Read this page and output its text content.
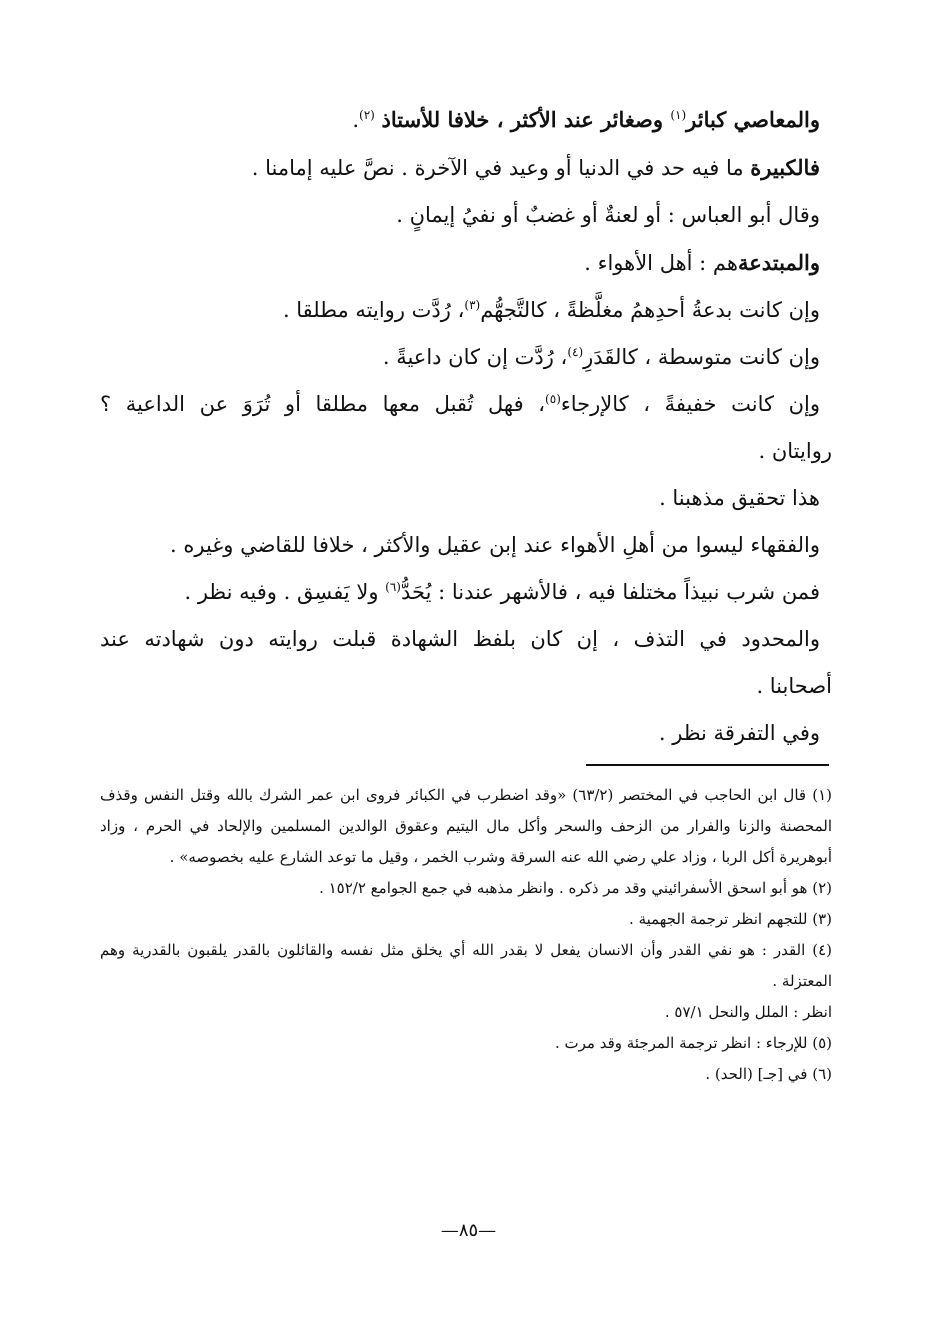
والمعاصي كبائر$^{(١)}$ وصغائر عند الأكثر ، خلافا للأستاذ $^{(٢)}$.

فالكبيرة ما فيه حد في الدنيا أو وعيد في الآخرة . نصَّ عليه إمامنا .

وقال أبو العباس : أو لعنةٌ أو غضبٌ أو نفيُ إيمانٍ .

والمبتدعةهم : أهل الأهواء .

وإن كانت بدعةُ أحدِهمُ مغلَّظةً ، كالتَّجهُّم$^{(٣)}$، رُدَّت روايته مطلقا .

وإن كانت متوسطة ، كالقَدَرِ$^{(٤)}$، رُدَّت إن كان داعيةً .

وإن كانت خفيفةً ، كالإرجاء$^{(٥)}$، فهل تُقبل معها مطلقا أو تُرَوَ عن الداعية ؟

روايتان .

هذا تحقيق مذهبنا .

والفقهاء ليسوا من أهلِ الأهواء عند إبن عقيل والأكثر ، خلافا للقاضي وغيره .

فمن شرب نبيذاً مختلفا فيه ، فالأشهر عندنا : يُحَدُّ$^{(٦)}$ ولا يَفسِق . وفيه نظر .

والمحدود في التذف ، إن كان بلفظ الشهادة قبلت روايته دون شهادته عند

أصحابنا .

وفي التفرقة نظر .

(١) قال ابن الحاجب في المختصر (٦٣/٢) «وقد اضطرب في الكبائر فروى ابن عمر الشرك بالله وقتل النفس وقذف المحصنة والزنا والفرار من الزحف والسحر وأكل مال اليتيم وعقوق الوالدين المسلمين والإلحاد في الحرم ، وزاد أبوهريرة أكل الربا ، وزاد علي رضي الله عنه السرقة وشرب الخمر ، وقيل ما توعد الشارع عليه بخصوصه» .

(٢) هو أبو اسحق الأسفرائيني وقد مر ذكره . وانظر مذهبه في جمع الجوامع ١٥٢/٢ .

(٣) للتجهم انظر ترجمة الجهمية .

(٤) القدر : هو نفي القدر وأن الانسان يفعل لا بقدر الله أي يخلق مثل نفسه والقائلون بالقدر يلقبون بالقدرية وهم المعتزلة .

انظر : الملل والنحل ٥٧/١ .

(٥) للإرجاء : انظر ترجمة المرجئة وقد مرت .

(٦) في [جـ] (الحد) .

—٨٥—
